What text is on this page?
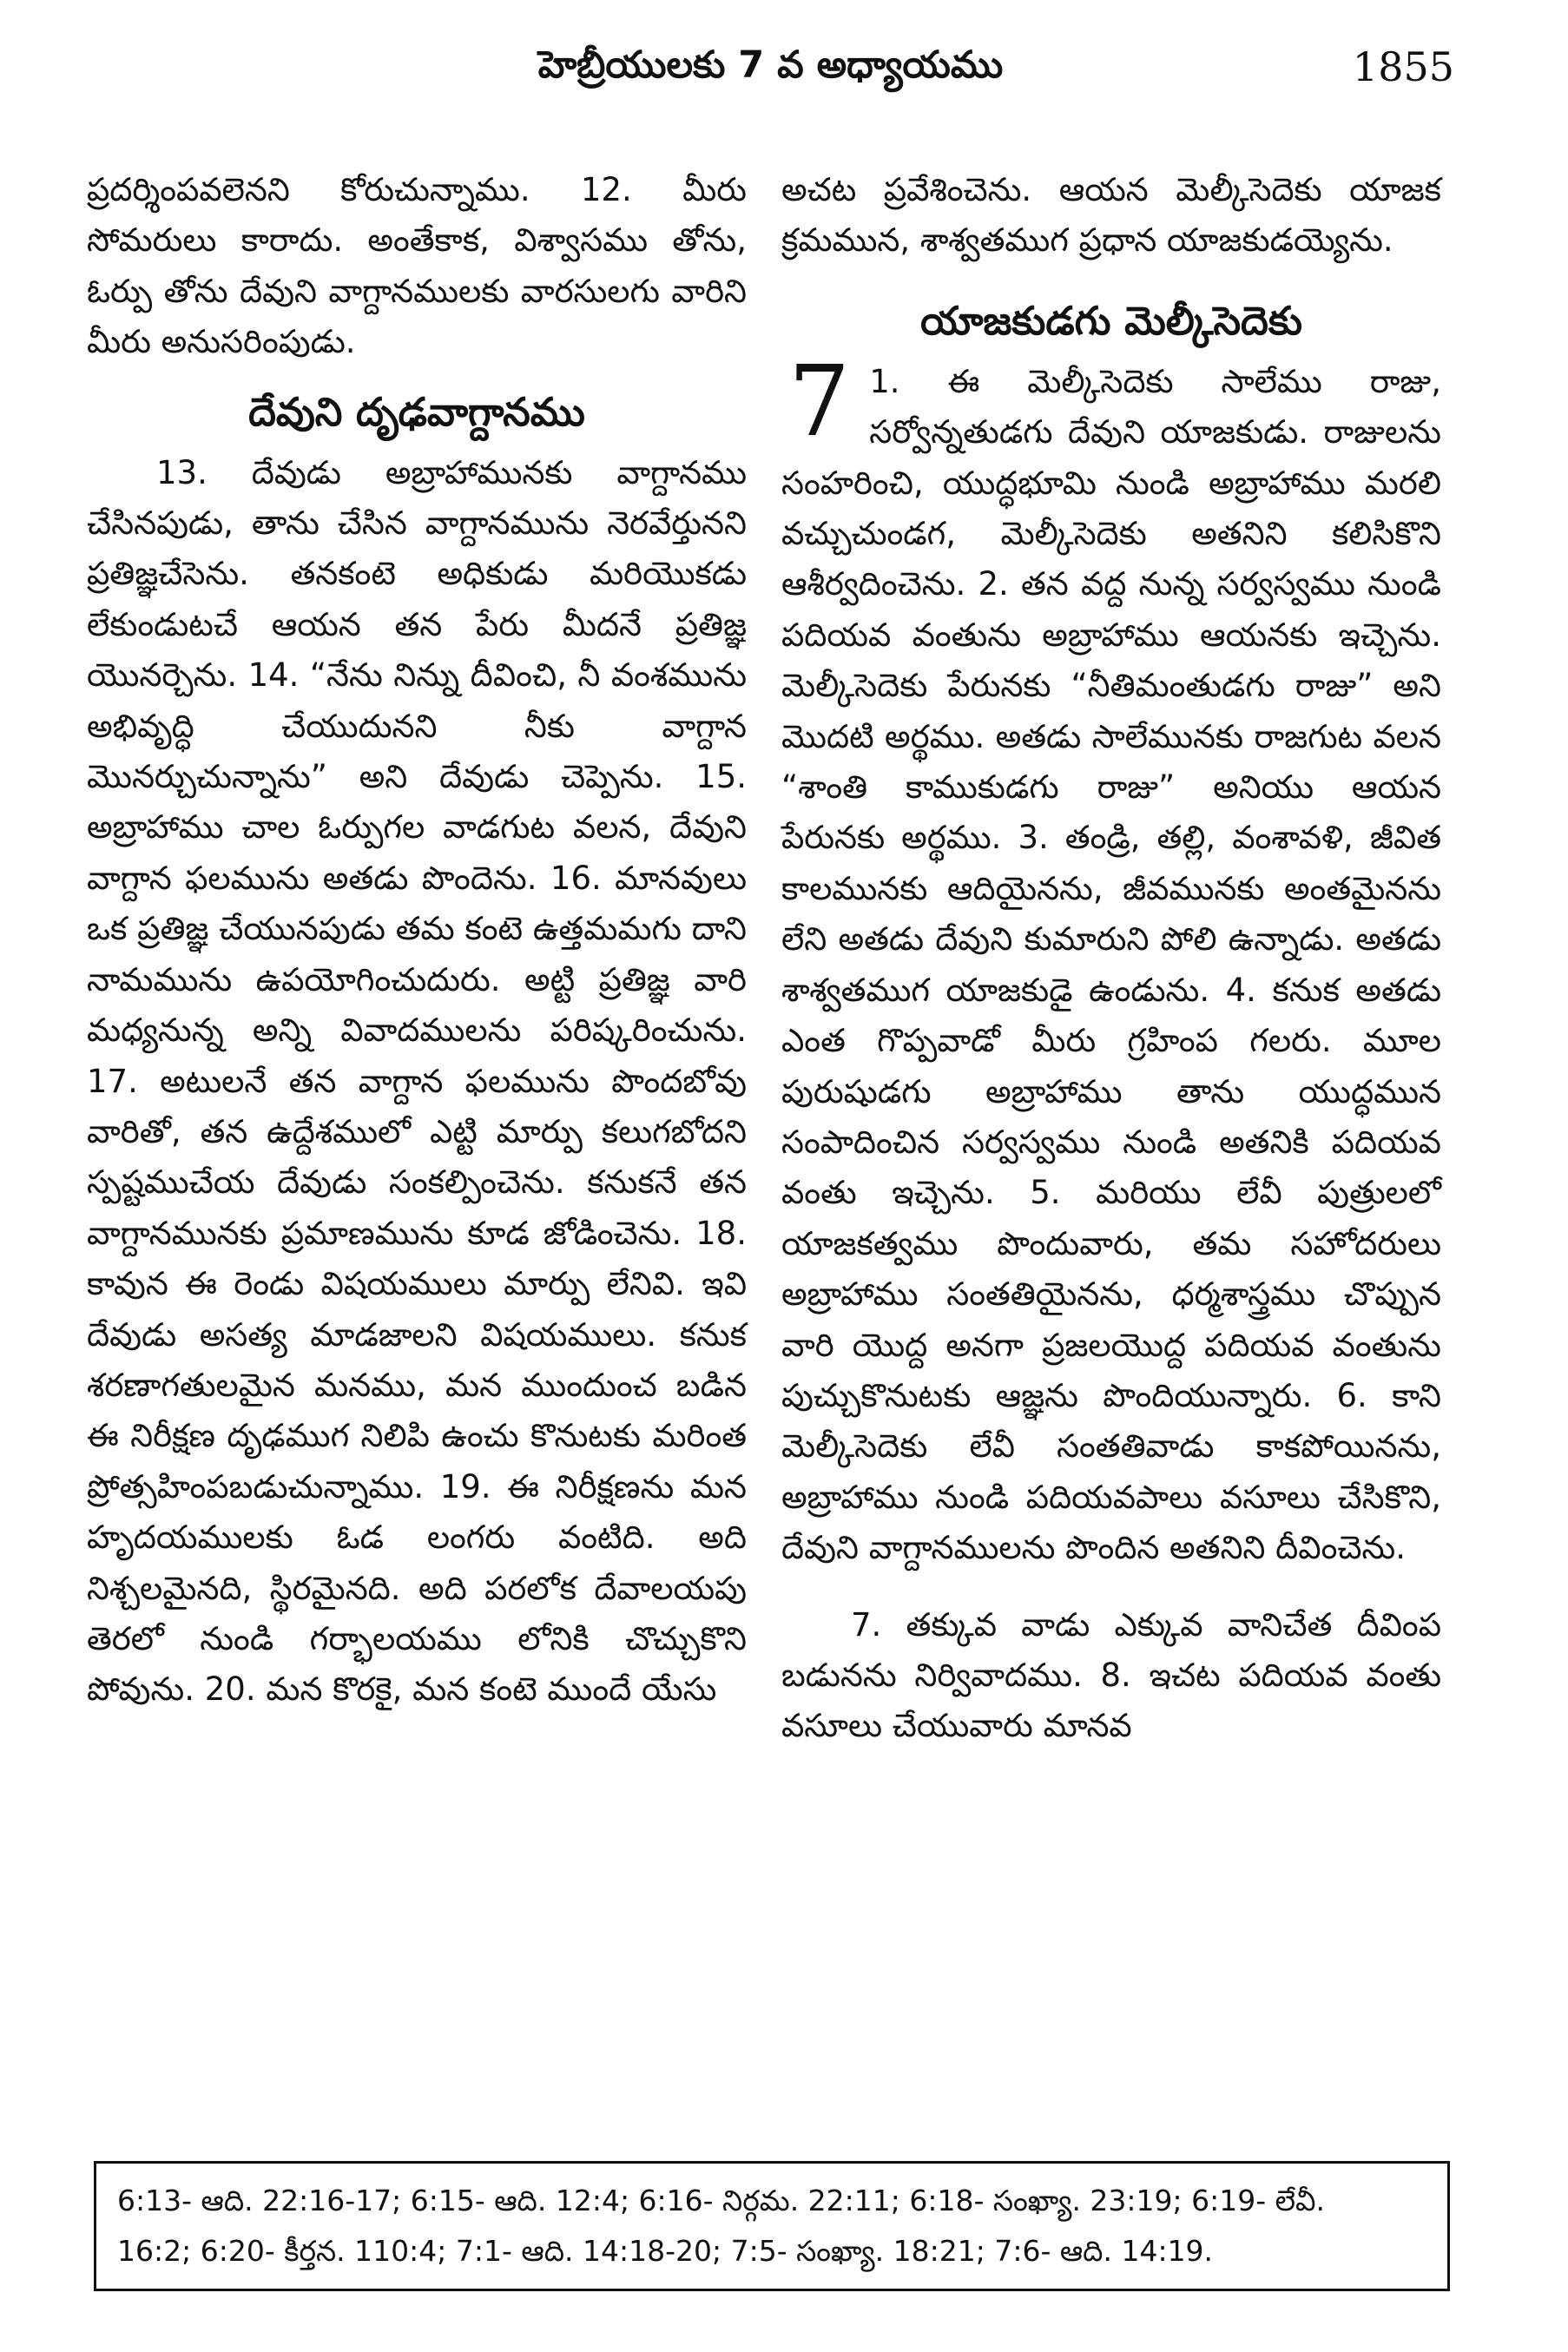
హెబ్రీయులకు 7 వ అధ్యాయము	1855

ప్రదర్శింపవలెనని కోరుచున్నాము. 12. మీరు సోమరులు కారాదు. అంతేకాక, విశ్వాసము తోను, ఓర్పు తోను దేవుని వాగ్దానములకు వారసులగు వారిని మీరు అనుసరింపుడు.

దేవుని దృఢవాగ్దానము

13. దేవుడు అబ్రాహామునకు వాగ్దానము చేసినపుడు, తాను చేసిన వాగ్దానమును నెరవేర్తునని ప్రతిజ్ఞచేసెను. తనకంటె అధికుడు మరియొకడు లేకుండుటచే ఆయన తన పేరు మీదనే ప్రతిజ్ఞ యొనర్చెను. 14. “నేను నిన్ను దీవించి, నీ వంశమును అభివృద్ధి చేయుదునని నీకు వాగ్దాన మొనర్చుచున్నాను” అని దేవుడు చెప్పెను. 15. అబ్రాహాము చాల ఓర్పుగల వాడగుట వలన, దేవుని వాగ్దాన ఫలమును అతడు పొందెను. 16. మానవులు ఒక ప్రతిజ్ఞ చేయునపుడు తమ కంటె ఉత్తమమగు దాని నామమును ఉపయోగించుదురు. అట్టి ప్రతిజ్ఞ వారి మధ్యనున్న అన్ని వివాదములను పరిష్కరించును. 17. అటులనే తన వాగ్దాన ఫలమును పొందబోవు వారితో, తన ఉద్దేశములో ఎట్టి మార్పు కలుగబోదని స్పష్టముచేయ దేవుడు సంకల్పించెను. కనుకనే తన వాగ్దానమునకు ప్రమాణమును కూడ జోడించెను. 18. కావున ఈ రెండు విషయములు మార్పు లేనివి. ఇవి దేవుడు అసత్య మాడజాలని విషయములు. కనుక శరణాగతులమైన మనము, మన ముందుంచ బడిన ఈ నిరీక్షణ దృఢముగ నిలిపి ఉంచు కొనుటకు మరింత ప్రోత్సహింపబడుచున్నాము. 19. ఈ నిరీక్షణను మన హృదయములకు ఓడ లంగరు వంటిది. అది నిశ్చలమైనది, స్థిరమైనది. అది పరలోక దేవాలయపు తెరలో నుండి గర్భాలయము లోనికి చొచ్చుకొని పోవును. 20. మన కొరకై, మన కంటె ముందే యేసు

అచట ప్రవేశించెను. ఆయన మెల్కీసెదెకు యాజక క్రమమున, శాశ్వతముగ ప్రధాన యాజకుడయ్యెను.

యాజకుడగు మెల్కీసెదెకు

7 1. ఈ మెల్కీసెదెకు సాలేము రాజు, సర్వోన్నతుడగు దేవుని యాజకుడు. రాజులను సంహరించి, యుద్ధభూమి నుండి అబ్రాహాము మరలి వచ్చుచుండగ, మెల్కీసెదెకు అతనిని కలిసికొని ఆశీర్వదించెను. 2. తన వద్ద నున్న సర్వస్వము నుండి పదియవ వంతును అబ్రాహాము ఆయనకు ఇచ్చెను. మెల్కీసెదెకు పేరునకు “నీతిమంతుడగు రాజు” అని మొదటి అర్థము. అతడు సాలేమునకు రాజగుట వలన “శాంతి కాముకుడగు రాజు” అనియు ఆయన పేరునకు అర్థము. 3. తండ్రి, తల్లి, వంశావళి, జీవిత కాలమునకు ఆదియైనను, జీవమునకు అంతమైనను లేని అతడు దేవుని కుమారుని పోలి ఉన్నాడు. అతడు శాశ్వతముగ యాజకుడై ఉండును. 4. కనుక అతడు ఎంత గొప్పవాడో మీరు గ్రహింప గలరు. మూల పురుషుడగు అబ్రాహాము తాను యుద్ధమున సంపాదించిన సర్వస్వము నుండి అతనికి పదియవ వంతు ఇచ్చెను. 5. మరియు లేవీ పుత్రులలో యాజకత్వము పొందువారు, తమ సహోదరులు అబ్రాహాము సంతతియైనను, ధర్మశాస్త్రము చొప్పున వారి యొద్ద అనగా ప్రజలయొద్ద పదియవ వంతును పుచ్చుకొనుటకు ఆజ్ఞను పొందియున్నారు. 6. కాని మెల్కీసెదెకు లేవీ సంతతివాడు కాకపోయినను, అబ్రాహాము నుండి పదియవపాలు వసూలు చేసికొని, దేవుని వాగ్దానములను పొందిన అతనిని దీవించెను.

7. తక్కువ వాడు ఎక్కువ వానిచేత దీవింప బడునను నిర్వివాదము. 8. ఇచట పదియవ వంతు వసూలు చేయువారు మానవ

6:13- ఆది. 22:16-17; 6:15- ఆది. 12:4; 6:16- నిర్గమ. 22:11; 6:18- సంఖ్యా. 23:19; 6:19- లేవీ.

16:2; 6:20- కీర్తన. 110:4; 7:1- ఆది. 14:18-20; 7:5- సంఖ్యా. 18:21; 7:6- ఆది. 14:19.
